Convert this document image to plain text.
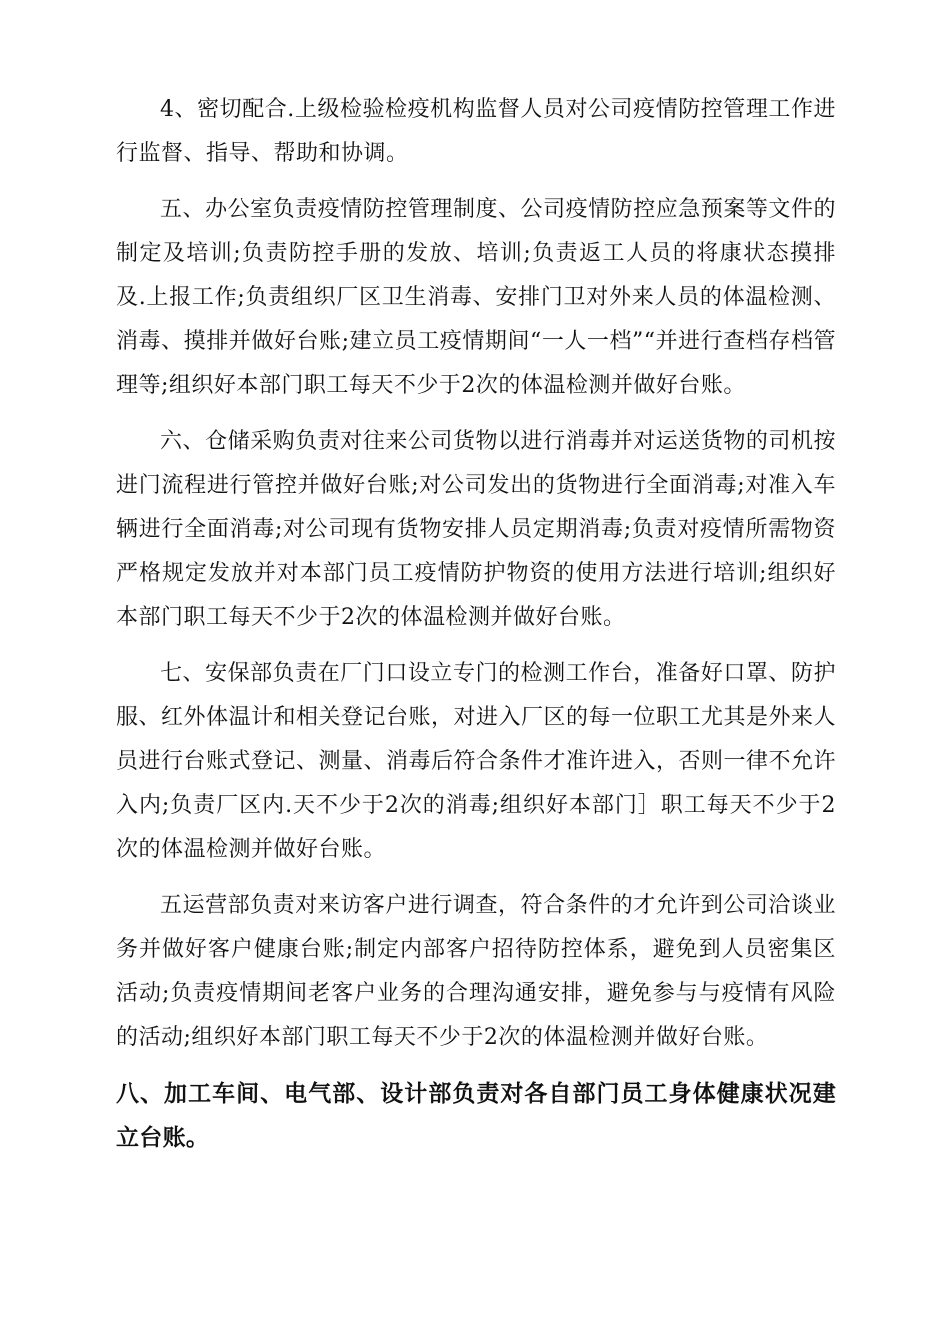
4、密切配合.上级检验检疫机构监督人员对公司疫情防控管理工作进行监督、指导、帮助和协调。

五、办公室负责疫情防控管理制度、公司疫情防控应急预案等文件的制定及培训;负责防控手册的发放、培训;负责返工人员的将康状态摸排及.上报工作;负责组织厂区卫生消毒、安排门卫对外来人员的体温检测、消毒、摸排并做好台账;建立员工疫情期间“一人一档”“并进行查档存档管理等;组织好本部门职工每天不少于2次的体温检测并做好台账。

六、仓储采购负责对往来公司货物以进行消毒并对运送货物的司机按进门流程进行管控并做好台账;对公司发出的货物进行全面消毒;对准入车辆进行全面消毒;对公司现有货物安排人员定期消毒;负责对疫情所需物资严格规定发放并对本部门员工疫情防护物资的使用方法进行培训;组织好本部门职工每天不少于2次的体温检测并做好台账。

七、安保部负责在厂门口设立专门的检测工作台，准备好口罩、防护服、红外体温计和相关登记台账，对进入厂区的每一位职工尤其是外来人员进行台账式登记、测量、消毒后符合条件才准许进入，否则一律不允许入内;负责厂区内.天不少于2次的消毒;组织好本部门］职工每天不少于2次的体温检测并做好台账。

五运营部负责对来访客户进行调查，符合条件的才允许到公司洽谈业务并做好客户健康台账;制定内部客户招待防控体系，避免到人员密集区活动;负责疫情期间老客户业务的合理沟通安排，避免参与与疫情有风险的活动;组织好本部门职工每天不少于2次的体温检测并做好台账。

八、加工车间、电气部、设计部负责对各自部门员工身体健康状况建立台账。
